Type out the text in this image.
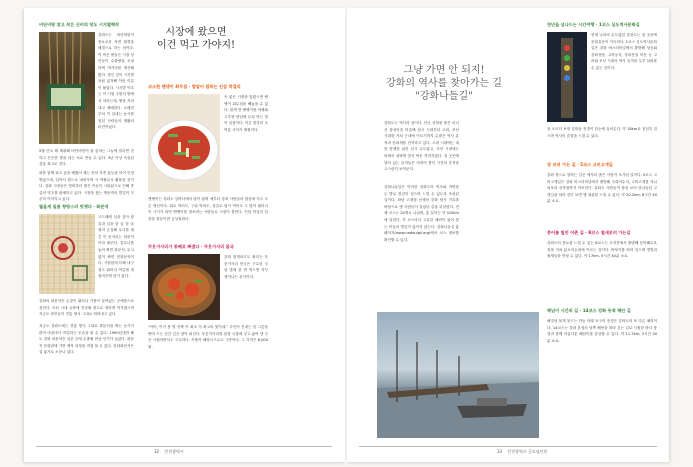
비단비랑 찾고 작은 신비의 땅도 시지발랙작
강화도는 비단비랑이 풍요로운 자연 환경을 배경으로 하는 섬이다. 이 작은 밭들은 시장 상인들이 수확량을 조절하며 먹거리를 생산해 왔다. 생긴 것이 시지발처럼 넓적해 이런 이름이 붙었다. 시지발 약초는 이 시장 주변의 밭에서 자라는데, 땅을 지켜내고 재배한다. 오래전부터 이 일대는 농사를 짓던 사람들의 생활의 터전이었다.
5월 단오 때 제취해 비단비랑이 잘 통하는 그늘에 말리면 진하고 은은한 향을 내는 차로 만들 수 있다. 3년 이상 숙성된 것을 최고로 친다.
꽈를 함께 피고 꿈을 배웠어 채는 종의 각종 효능을 이어 인정받았으며, 살아서 힘으로 내어가며 시 역할로서 활용된 것이다. 강화 시장들은 벌써부터 많은 이들이 시판됨으로 인해 종류의 약초를 판매하고 있다. 시장을 찾는 방문객의 발길이 꾸준히 이어지고 있다.
뭘을게 일품 향방스러 멋쟁다 · 화문석
고드래에 실을 감아 왕골과 실을 한 올 한 올 엮어 손질해 무늬를 새긴 이 돗자리는 화문석이라 불린다. 꽃무늬를 놓아 짜면 화문석, 무늬 없이 짜면 민화문석이다. 시원함에 더해 내구성도 뛰어나 여름철 대청마루에 깔기 좋다.
강화의 화문석은 손맛이 뛰어나 기품이 살아있는 공예품으로 꼽힌다. 조선 시대 궁중에 진상될 정도로 귀하게 여겨졌으며 지금도 장인들이 전통 방식 그대로 엮어내고 있다.
지금도 강화도에는 전통 방식 그대로 화문석을 짜는 농가가 많아 마을마다 작업하는 모습을 볼 수 있다. 1990년대만 해도 강화 화문석은 일본 등에 수출될 만큼 인기가 높았다. 화문석 문화관에 가면 제작 과정을 직접 볼 수 있다. 강화화문석은 질 좋기로 소문나 있다.
시장에 왔으면
이건 먹고 가야지!
코소한 밴댕이 회무침 · 밥알이 씹히는 인삼 막걸리
속 좋은 시장을 맛봤으면 밴댕이 회무침을 빼놓을 수 없다. 잘게 썬 밴댕이를 야채와 고추장 양념에 무쳐 먹는 맛이 일품이다. 이른 봄부터 초여름 사이가 제철이다.
밴댕이는 강화도 앞바다에서 많이 잡혀 예부터 강화 사람들의 밥상에 자주 오른 생선이다. 회로 먹어도, 구워 먹어도, 젓갈로 담가 먹어도 그 맛이 뛰어나 이 시기가 되면 밴댕이를 맛보려는 사람들로 시장이 붐빈다. 인삼 막걸리 한 잔을 곁들이면 금상첨화다.
뚜웃거사리가 통째로 빠졌다 · 뚜웃거사리 봄국
강화 칠게라고도 불리는 뚜웃거사리 봄국은 구수한 국물 맛에 한 번 먹으면 자꾸 생각나는 음식이다.
"아아, 이거 봄 별 진짜 이 최초 이 최고의 맛이네." 주인이 건네는 한 그릇을 받아 드는 순간 깊은 향이 퍼진다. 뚜웃거사리를 된장 국물에 넣고 끓여 낸 국은 시원하면서도 구수하다. 속풀이 해장국으로도 그만이다. 그 가격은 8,000원.
32 인천광역시
그냥 가면 안 되지!
강화의 역사를 찾아가는 길
"강화나들길"
강화도는 역사의 섬이다. 단군 신화를 품은 마니산 참성단을 비롯해 삼국 시대부터 고려, 조선 시대를 거쳐 근대에 이르기까지 수많은 역사 유적과 문화재를 간직하고 있다. 고려 시대에는 대몽 항쟁을 위한 임시 수도였고, 조선 시대에는 외세의 침략에 맞서 싸운 격전지였다. 섬 곳곳에 남아 있는 유적들은 켜켜이 쌓인 시간의 흔적을 고스란히 보여준다.
강화나들길은 이러한 강화도의 역사와 자연을 두 발로 천천히 걸으며 느낄 수 있도록 조성된 길이다. 화남 고재형 선생의 강화 답사 기록을 바탕으로 옛 사람들이 걸었던 길을 되살렸다. 전체 코스는 20개로 나뉘며, 총 길이는 약 310km에 달한다. 각 코스마다 고유한 매력이 있어 찾는 이들의 발길이 끊이지 않는다. 강화나들길 홈페이지(www.nadeulgil.org)에서 코스 정보를 확인할 수 있다.
천년을 넘나드는 시간여행 · 1코스 심도역사문화길
현재 나라의 수도였던 강화도는 섬 곳곳에 문화유산이 가득하다. 1코스 심도역사문화길은 강화 버스터미널에서 출발해 성공회 강화성당, 고려궁지, 강화산성 북문 등 고려와 조선 시대의 역사 유적을 두루 살펴볼 수 있는 길이다.
을 오르다 보면 강화읍 전경이 한눈에 들어온다. 약 18km로 천천히 걸으며 역사의 숨결을 느낄 수 있다.
장 보러 가는 길 · 5코스 고비고개길
강화 장으로 향하는 길은 예부터 많은 사람이 오가던 길이다. 5코스 고비고개길은 강화 버스터미널에서 출발해 국화저수지, 고비고개를 지나 외포리 선착장까지 이어진다. 강화도 사람들이 장을 보러 넘나들던 고갯길을 따라 걷다 보면 옛 정취를 느낄 수 있다. 약 20.2km, 6시간 40분 소요.
풍어를 빌던 어촌 길 · 8코스 철새보러 가는길
강화도의 풍요를 느낄 수 있는 8코스는 초지진에서 출발해 동막해수욕장을 거쳐 분오리돈대에 이르는 길이다. 바닷가를 따라 걸으며 갯벌과 철새들을 만날 수 있다. 약 17km, 5시간 40분 소요.
해넘이 시간의 길 · 14코스 강화 동쪽 해안 길
해질녘 붉게 물드는 하늘 아래 포구의 풍경은 강화도의 또 다른 매력이다. 14코스는 강화 본섬의 남쪽 해안을 따라 걷는 길로 시원한 바다 풍경과 함께 아름다운 해넘이를 감상할 수 있다. 약 11.7km, 3시간 30분 소요.
33 인천광역시 굿모닝인천
